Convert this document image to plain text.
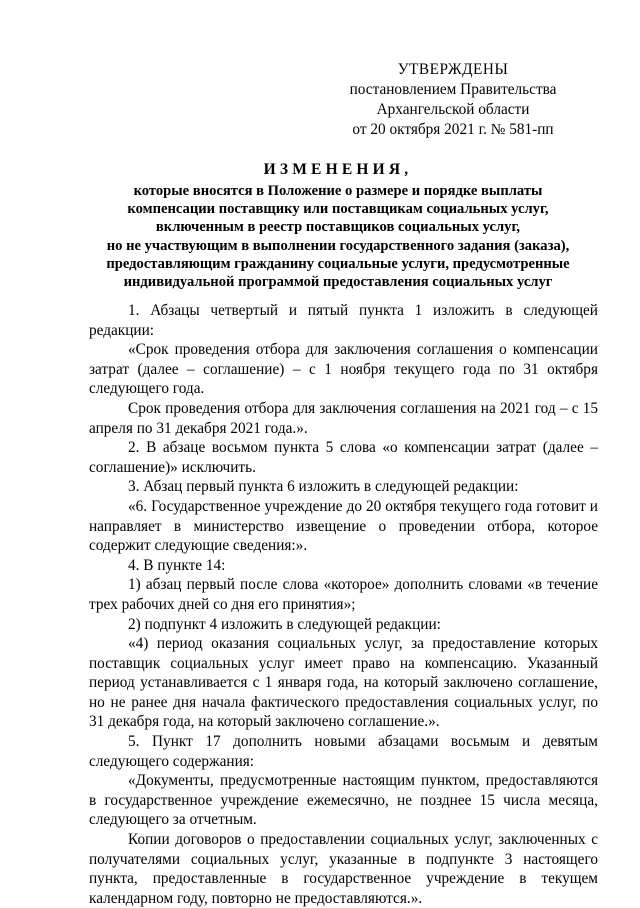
УТВЕРЖДЕНЫ
постановлением Правительства
Архангельской области
от 20 октября 2021 г. № 581-пп
ИЗМЕНЕНИЯ,
которые вносятся в Положение о размере и порядке выплаты
компенсации поставщику или поставщикам социальных услуг,
включенным в реестр поставщиков социальных услуг,
но не участвующим в выполнении государственного задания (заказа),
предоставляющим гражданину социальные услуги, предусмотренные
индивидуальной программой предоставления социальных услуг

1. Абзацы четвертый и пятый пункта 1 изложить в следующей редакции:

«Срок проведения отбора для заключения соглашения о компенсации затрат (далее – соглашение) – с 1 ноября текущего года по 31 октября следующего года.

Срок проведения отбора для заключения соглашения на 2021 год – с 15 апреля по 31 декабря 2021 года.».

2. В абзаце восьмом пункта 5 слова «о компенсации затрат (далее – соглашение)» исключить.

3. Абзац первый пункта 6 изложить в следующей редакции:

«6. Государственное учреждение до 20 октября текущего года готовит и направляет в министерство извещение о проведении отбора, которое содержит следующие сведения:».

4. В пункте 14:

1) абзац первый после слова «которое» дополнить словами «в течение трех рабочих дней со дня его принятия»;

2) подпункт 4 изложить в следующей редакции:

«4) период оказания социальных услуг, за предоставление которых поставщик социальных услуг имеет право на компенсацию. Указанный период устанавливается с 1 января года, на который заключено соглашение, но не ранее дня начала фактического предоставления социальных услуг, по 31 декабря года, на который заключено соглашение.».

5. Пункт 17 дополнить новыми абзацами восьмым и девятым следующего содержания:

«Документы, предусмотренные настоящим пунктом, предоставляются в государственное учреждение ежемесячно, не позднее 15 числа месяца, следующего за отчетным.

Копии договоров о предоставлении социальных услуг, заключенных с получателями социальных услуг, указанные в подпункте 3 настоящего пункта, предоставленные в государственное учреждение в текущем календарном году, повторно не предоставляются.».
